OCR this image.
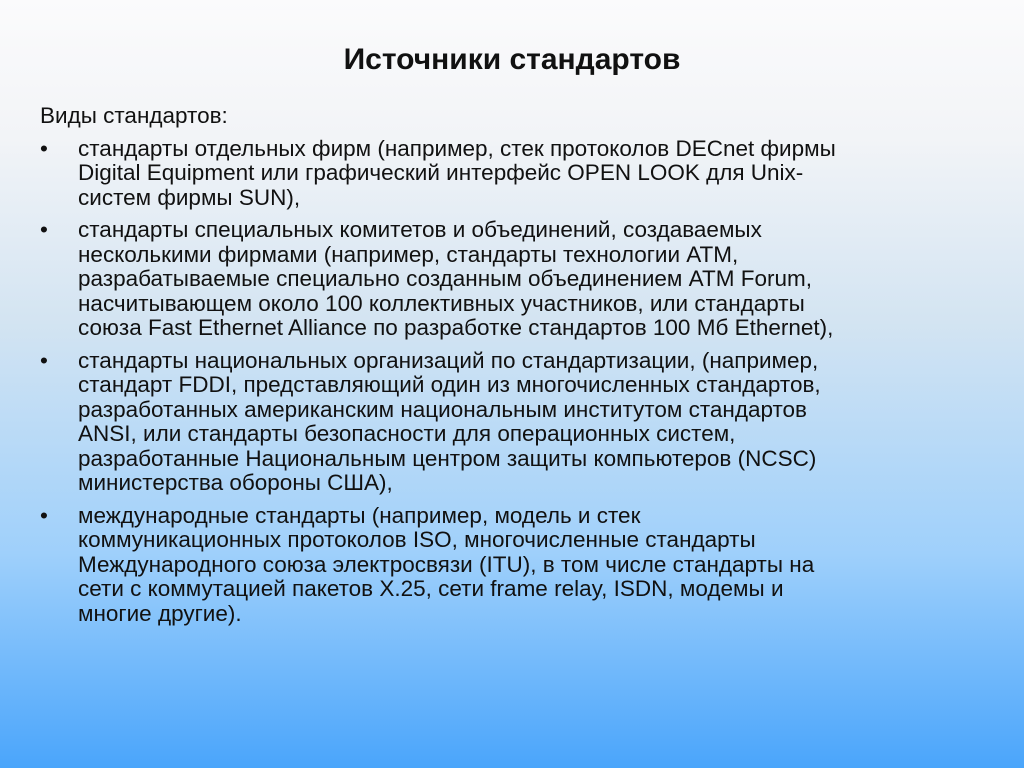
Источники стандартов

Виды стандартов:

• стандарты отдельных фирм (например, стек протоколов DECnet фирмы
Digital Equipment или графический интерфейс OPEN LOOK для Unix-
систем фирмы SUN),
• стандарты специальных комитетов и объединений, создаваемых
несколькими фирмами (например, стандарты технологии АТМ,
разрабатываемые специально созданным объединением ATM Forum,
насчитывающем около 100 коллективных участников, или стандарты
союза Fast Ethernet Alliance по разработке стандартов 100 Мб Ethernet),
• стандарты национальных организаций по стандартизации, (например,
стандарт FDDI, представляющий один из многочисленных стандартов,
разработанных американским национальным институтом стандартов
ANSI, или стандарты безопасности для операционных систем,
разработанные Национальным центром защиты компьютеров (NCSC)
министерства обороны США),
• международные стандарты (например, модель и стек
коммуникационных протоколов ISO, многочисленные стандарты
Международного союза электросвязи (ITU), в том числе стандарты на
сети с коммутацией пакетов Х.25, сети frame relay, ISDN, модемы и
многие другие).
